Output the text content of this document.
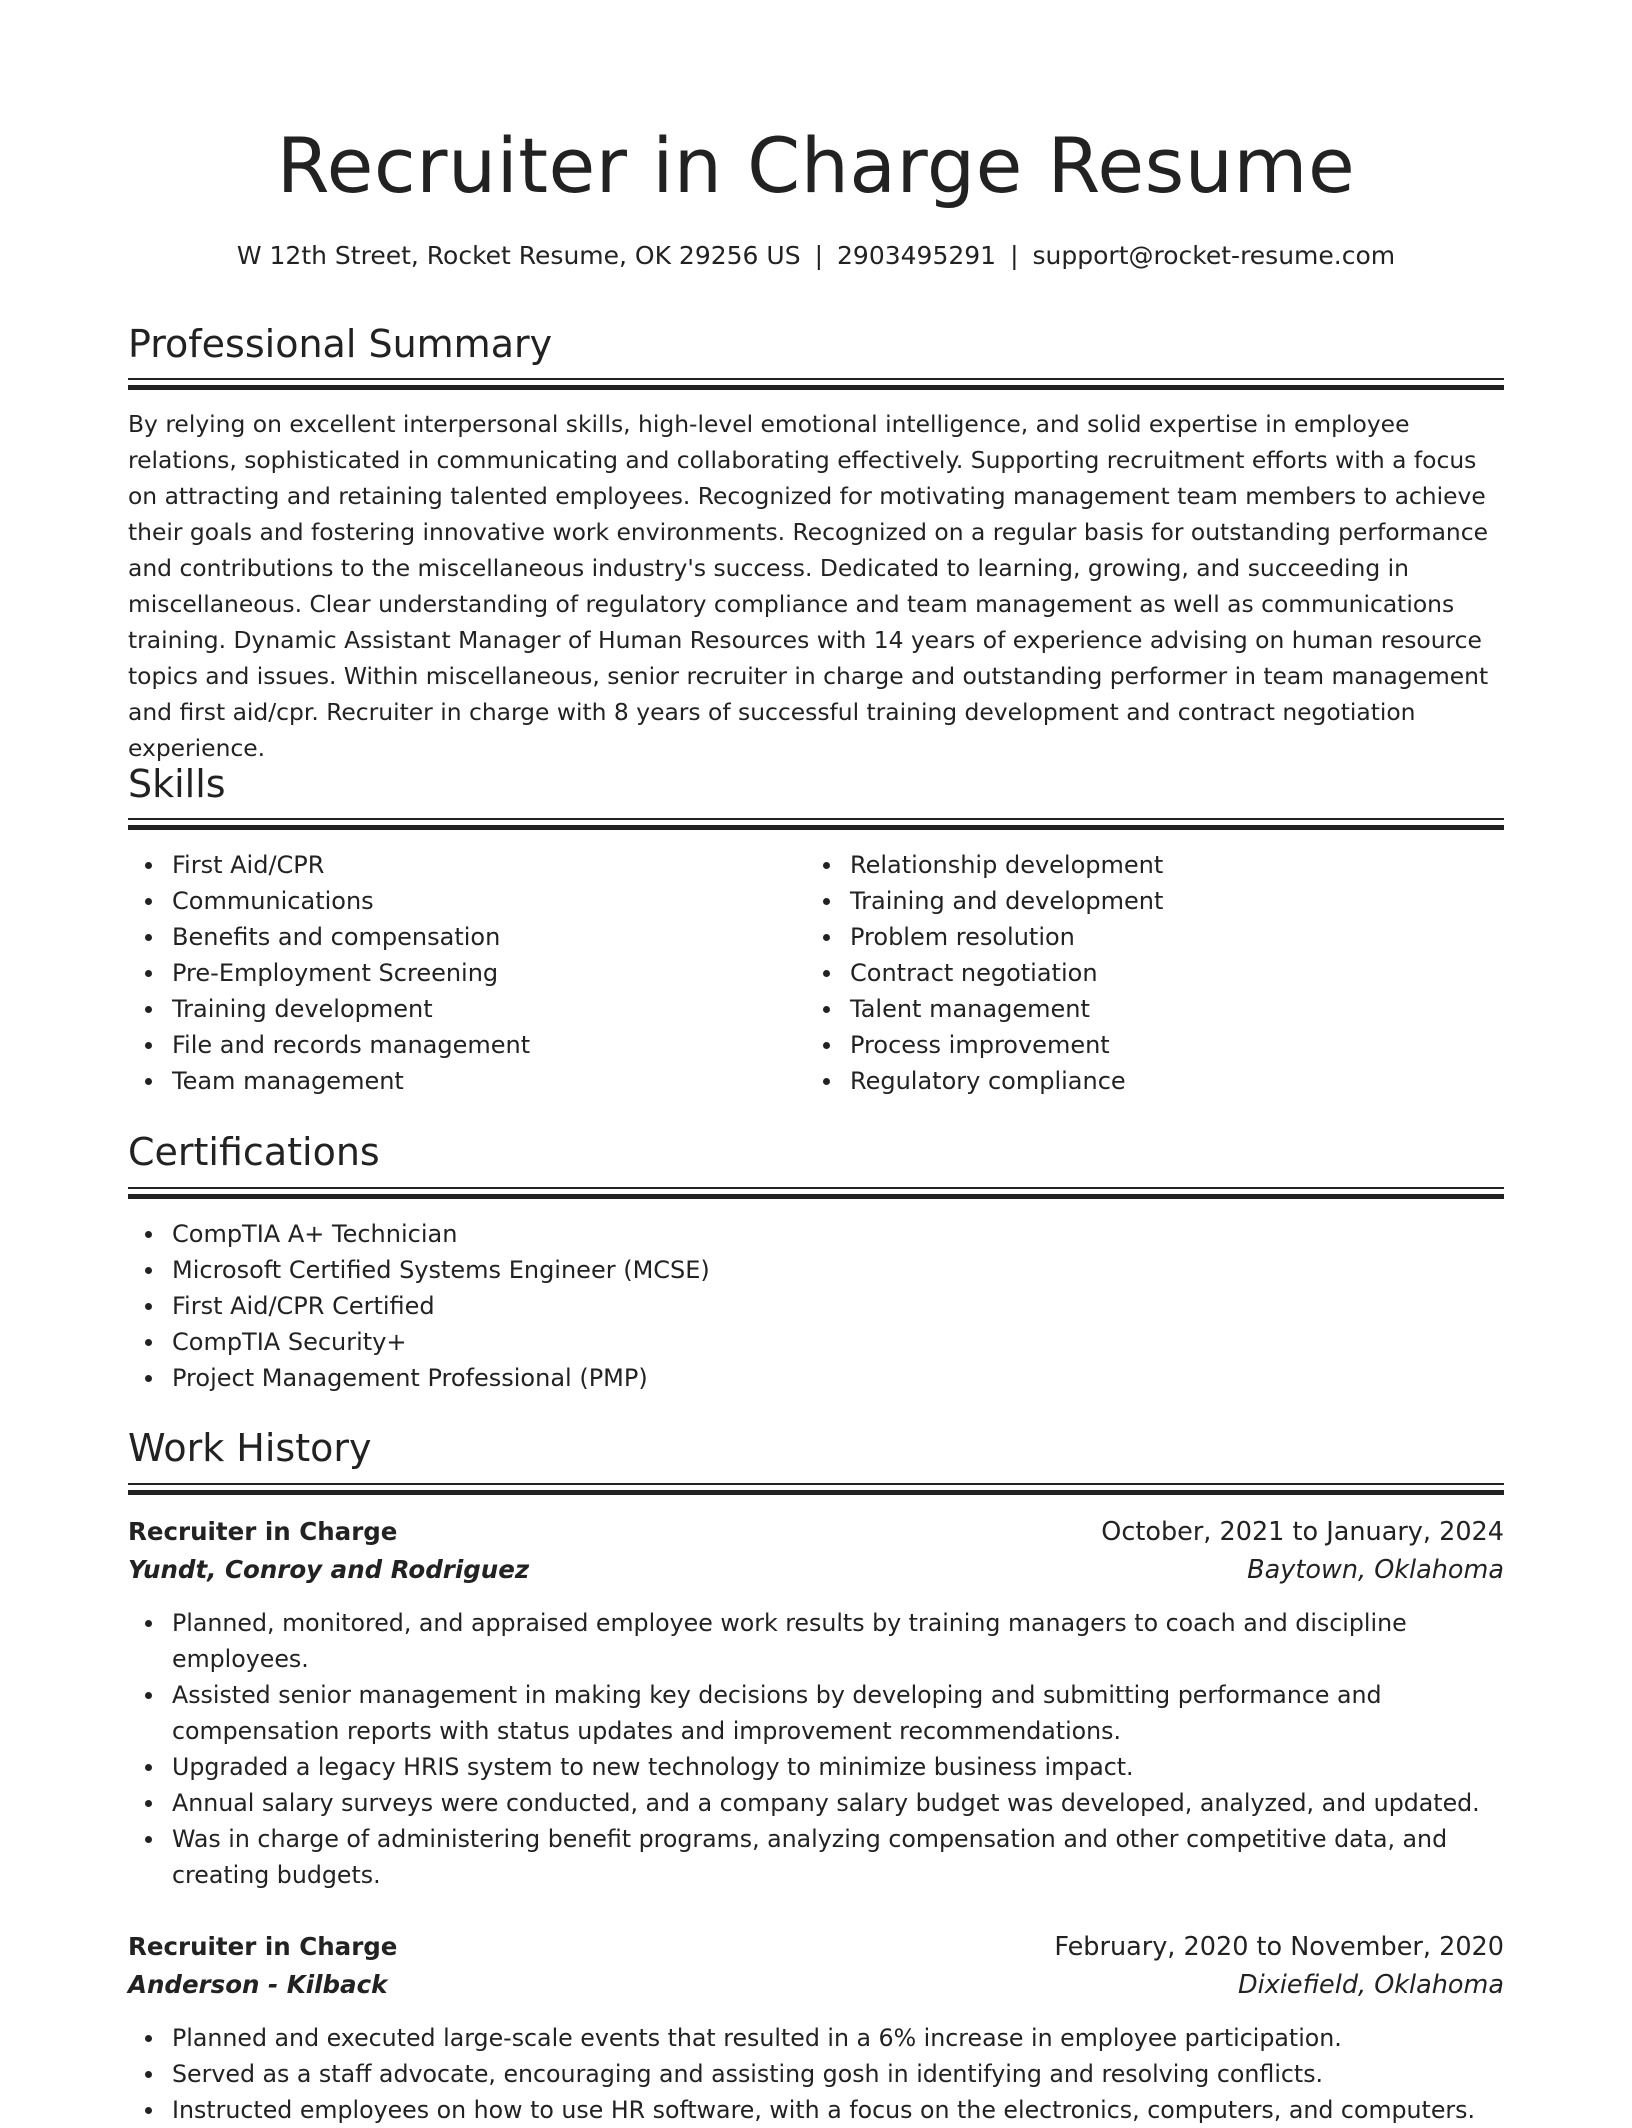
Recruiter in Charge Resume
W 12th Street, Rocket Resume, OK 29256 US | 2903495291 | support@rocket-resume.com
Professional Summary

By relying on excellent interpersonal skills, high-level emotional intelligence, and solid expertise in employee relations, sophisticated in communicating and collaborating effectively. Supporting recruitment efforts with a focus on attracting and retaining talented employees. Recognized for motivating management team members to achieve their goals and fostering innovative work environments. Recognized on a regular basis for outstanding performance and contributions to the miscellaneous industry's success. Dedicated to learning, growing, and succeeding in miscellaneous. Clear understanding of regulatory compliance and team management as well as communications training. Dynamic Assistant Manager of Human Resources with 14 years of experience advising on human resource topics and issues. Within miscellaneous, senior recruiter in charge and outstanding performer in team management and first aid/cpr. Recruiter in charge with 8 years of successful training development and contract negotiation experience.

Skills
First Aid/CPR
Communications
Benefits and compensation
Pre-Employment Screening
Training development
File and records management
Team management
Relationship development
Training and development
Problem resolution
Contract negotiation
Talent management
Process improvement
Regulatory compliance
Certifications
CompTIA A+ Technician
Microsoft Certified Systems Engineer (MCSE)
First Aid/CPR Certified
CompTIA Security+
Project Management Professional (PMP)
Work History
Recruiter in Charge	October, 2021 to January, 2024
Yundt, Conroy and Rodriguez	Baytown, Oklahoma
Planned, monitored, and appraised employee work results by training managers to coach and discipline employees.
Assisted senior management in making key decisions by developing and submitting performance and compensation reports with status updates and improvement recommendations.
Upgraded a legacy HRIS system to new technology to minimize business impact.
Annual salary surveys were conducted, and a company salary budget was developed, analyzed, and updated.
Was in charge of administering benefit programs, analyzing compensation and other competitive data, and creating budgets.
Recruiter in Charge	February, 2020 to November, 2020
Anderson - Kilback	Dixiefield, Oklahoma
Planned and executed large-scale events that resulted in a 6% increase in employee participation.
Served as a staff advocate, encouraging and assisting gosh in identifying and resolving conflicts.
Instructed employees on how to use HR software, with a focus on the electronics, computers, and computers.
